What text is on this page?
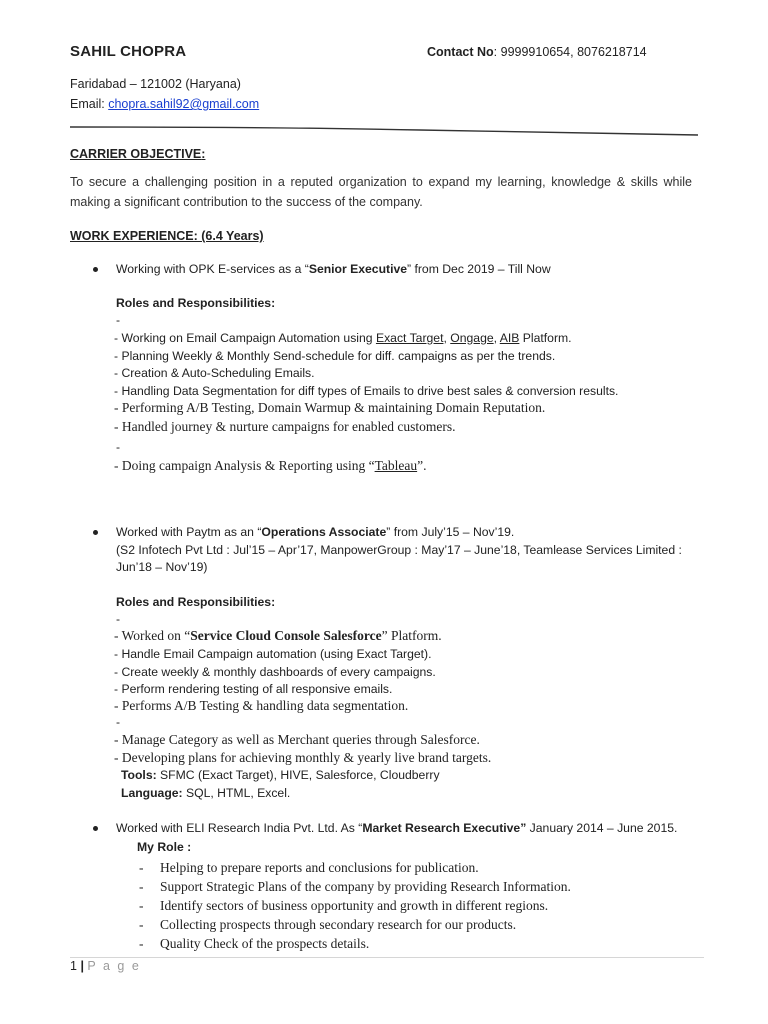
SAHIL CHOPRA	Contact No: 9999910654, 8076218714
Faridabad – 121002 (Haryana)
Email: chopra.sahil92@gmail.com
CARRIER OBJECTIVE:
To secure a challenging position in a reputed organization to expand my learning, knowledge & skills while making a significant contribution to the success of the company.
WORK EXPERIENCE: (6.4 Years)
Working with OPK E-services as a “Senior Executive” from Dec 2019 – Till Now
Roles and Responsibilities:
-
- Working on Email Campaign Automation using Exact Target, Ongage, AIB Platform.
- Planning Weekly & Monthly Send-schedule for diff. campaigns as per the trends.
- Creation & Auto-Scheduling Emails.
- Handling Data Segmentation for diff types of Emails to drive best sales & conversion results.
- Performing A/B Testing, Domain Warmup & maintaining Domain Reputation.
- Handled journey & nurture campaigns for enabled customers.
-
- Doing campaign Analysis & Reporting using “Tableau”.
Worked with Paytm as an “Operations Associate” from July’15 – Nov’19.
(S2 Infotech Pvt Ltd : Jul’15 – Apr’17, ManpowerGroup : May’17 – June’18, Teamlease Services Limited :
Jun’18 – Nov’19)
Roles and Responsibilities:
-
- Worked on “Service Cloud Console Salesforce” Platform.
- Handle Email Campaign automation (using Exact Target).
- Create weekly & monthly dashboards of every campaigns.
- Perform rendering testing of all responsive emails.
- Performs A/B Testing & handling data segmentation.
-
- Manage Category as well as Merchant queries through Salesforce.
- Developing plans for achieving monthly & yearly live brand targets.
Tools: SFMC (Exact Target), HIVE, Salesforce, Cloudberry
Language: SQL, HTML, Excel.
Worked with ELI Research India Pvt. Ltd. As “Market Research Executive” January 2014 – June 2015.
My Role :
- Helping to prepare reports and conclusions for publication.
- Support Strategic Plans of the company by providing Research Information.
- Identify sectors of business opportunity and growth in different regions.
- Collecting prospects through secondary research for our products.
- Quality Check of the prospects details.
1 | P a g e
